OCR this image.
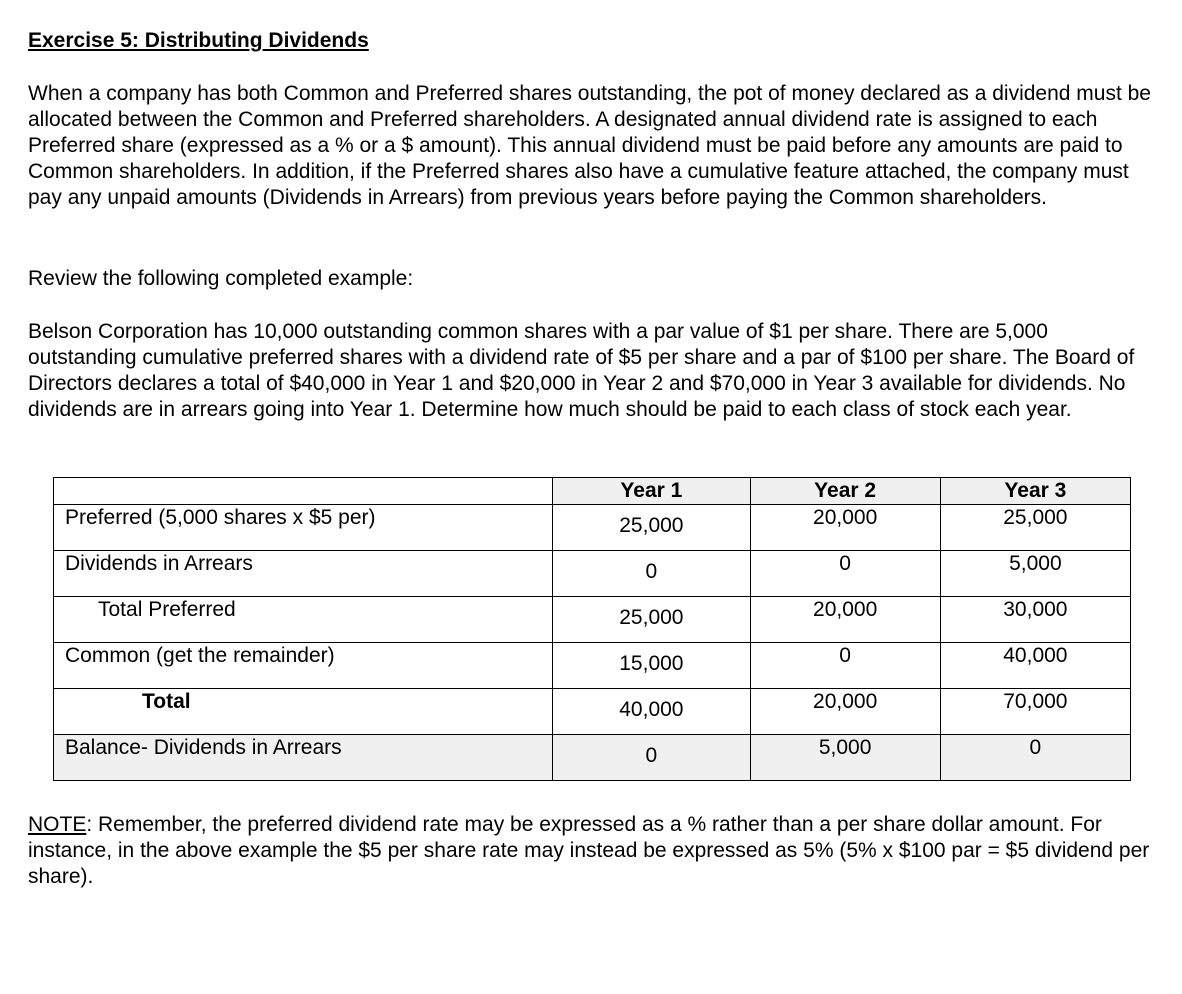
Exercise 5: Distributing Dividends
When a company has both Common and Preferred shares outstanding, the pot of money declared as a dividend must be allocated between the Common and Preferred shareholders. A designated annual dividend rate is assigned to each Preferred share (expressed as a % or a $ amount). This annual dividend must be paid before any amounts are paid to Common shareholders. In addition, if the Preferred shares also have a cumulative feature attached, the company must pay any unpaid amounts (Dividends in Arrears) from previous years before paying the Common shareholders.
Review the following completed example:
Belson Corporation has 10,000 outstanding common shares with a par value of $1 per share. There are 5,000 outstanding cumulative preferred shares with a dividend rate of $5 per share and a par of $100 per share. The Board of Directors declares a total of $40,000 in Year 1 and $20,000 in Year 2 and $70,000 in Year 3 available for dividends. No dividends are in arrears going into Year 1. Determine how much should be paid to each class of stock each year.
	Year 1	Year 2	Year 3
Preferred (5,000 shares x $5 per)	25,000	20,000	25,000
Dividends in Arrears	0	0	5,000
Total Preferred	25,000	20,000	30,000
Common (get the remainder)	15,000	0	40,000
Total	40,000	20,000	70,000
Balance- Dividends in Arrears	0	5,000	0
NOTE: Remember, the preferred dividend rate may be expressed as a % rather than a per share dollar amount. For instance, in the above example the $5 per share rate may instead be expressed as 5% (5% x $100 par = $5 dividend per share).
